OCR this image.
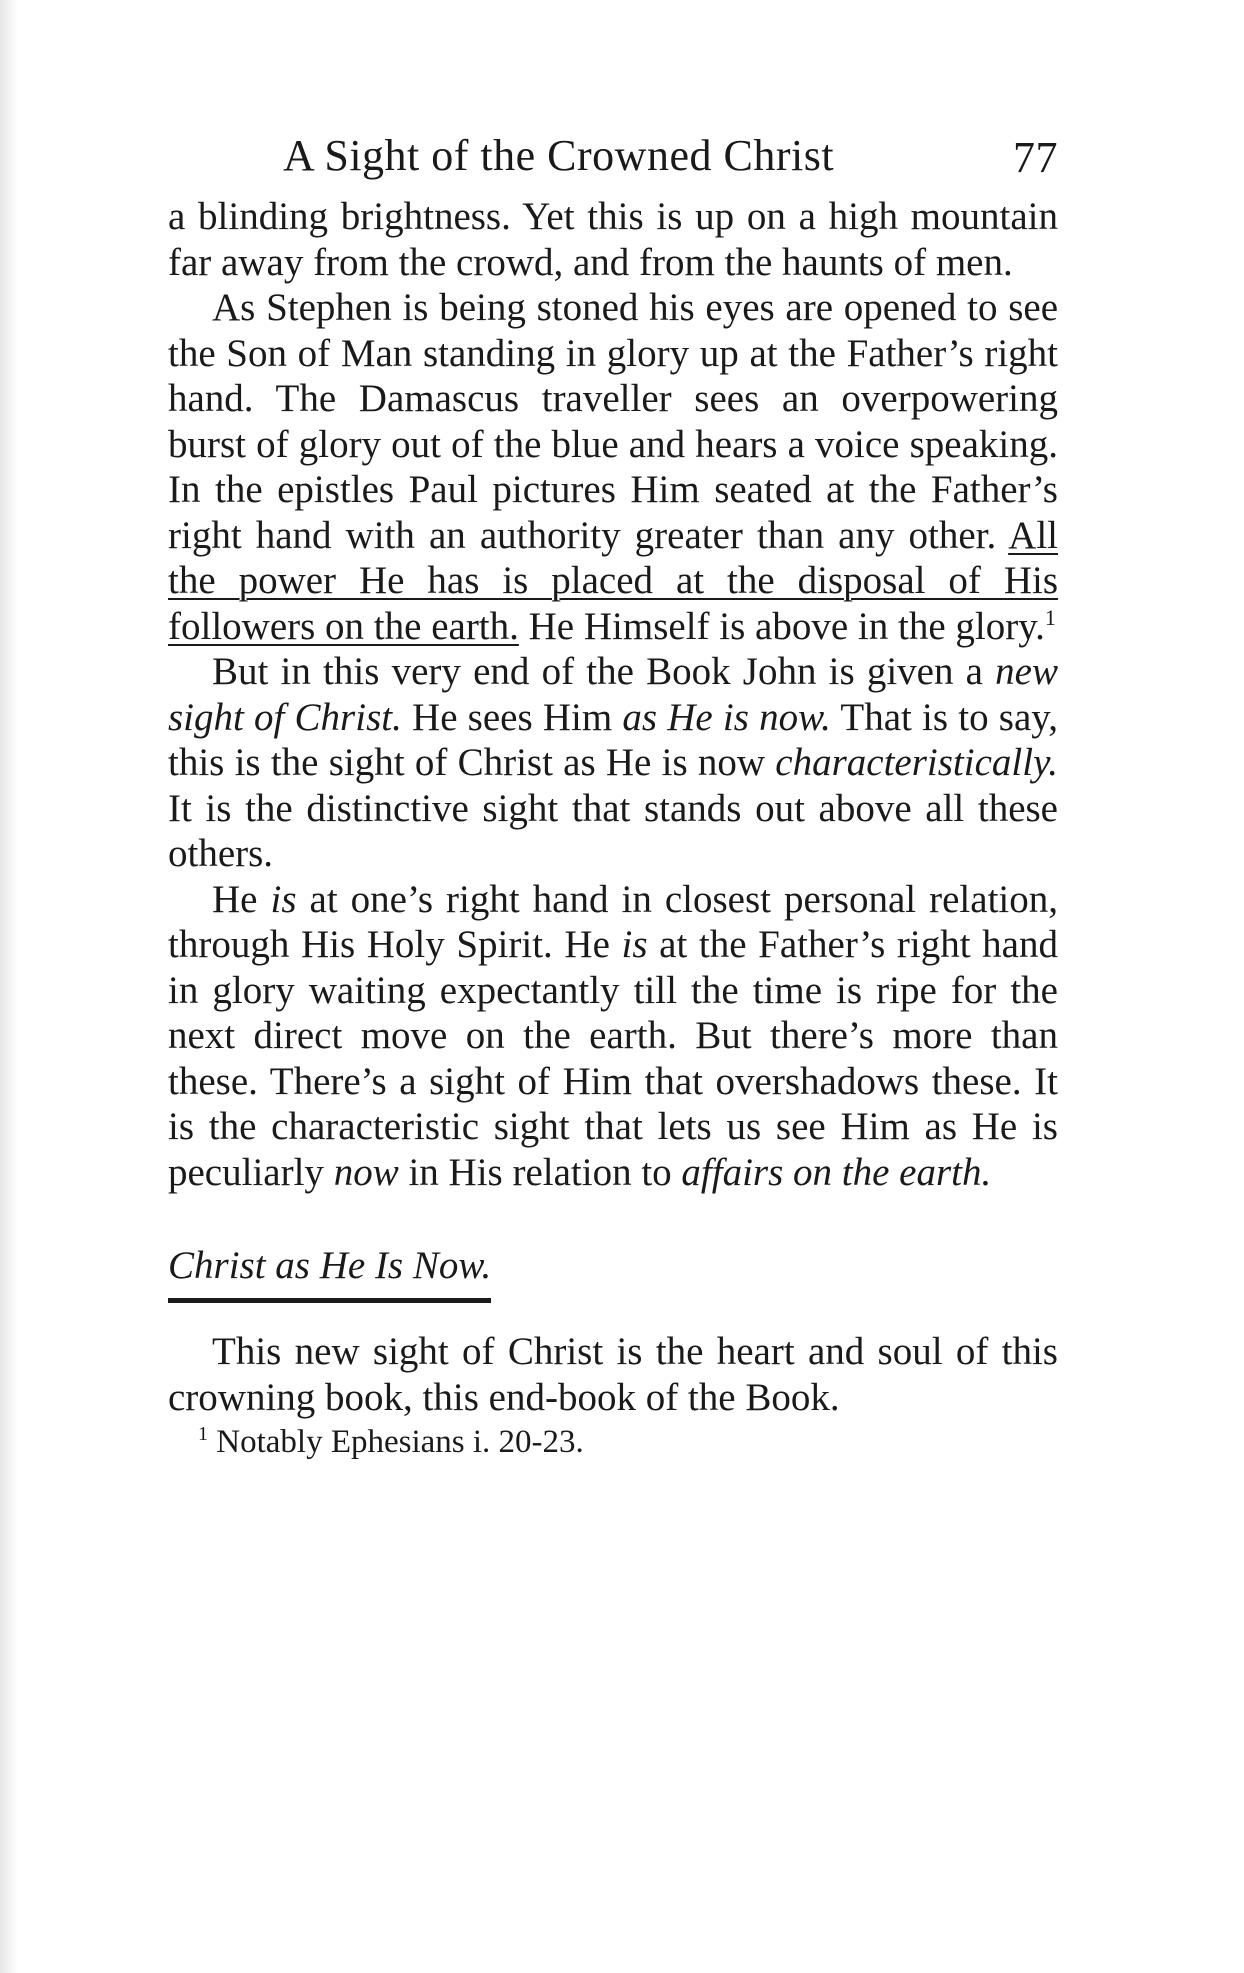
A Sight of the Crowned Christ	77

a blinding brightness. Yet this is up on a high mountain far away from the crowd, and from the haunts of men.

As Stephen is being stoned his eyes are opened to see the Son of Man standing in glory up at the Father’s right hand. The Damascus traveller sees an overpowering burst of glory out of the blue and hears a voice speaking. In the epistles Paul pictures Him seated at the Father’s right hand with an authority greater than any other. All the power He has is placed at the disposal of His followers on the earth. He Himself is above in the glory.$^1$

But in this very end of the Book John is given a new sight of Christ. He sees Him as He is now. That is to say, this is the sight of Christ as He is now characteristically. It is the distinctive sight that stands out above all these others.

He is at one’s right hand in closest personal relation, through His Holy Spirit. He is at the Father’s right hand in glory waiting expectantly till the time is ripe for the next direct move on the earth. But there’s more than these. There’s a sight of Him that overshadows these. It is the characteristic sight that lets us see Him as He is peculiarly now in His relation to affairs on the earth.

Christ as He Is Now.

This new sight of Christ is the heart and soul of this crowning book, this end-book of the Book.

$^1$ Notably Ephesians i. 20-23.
